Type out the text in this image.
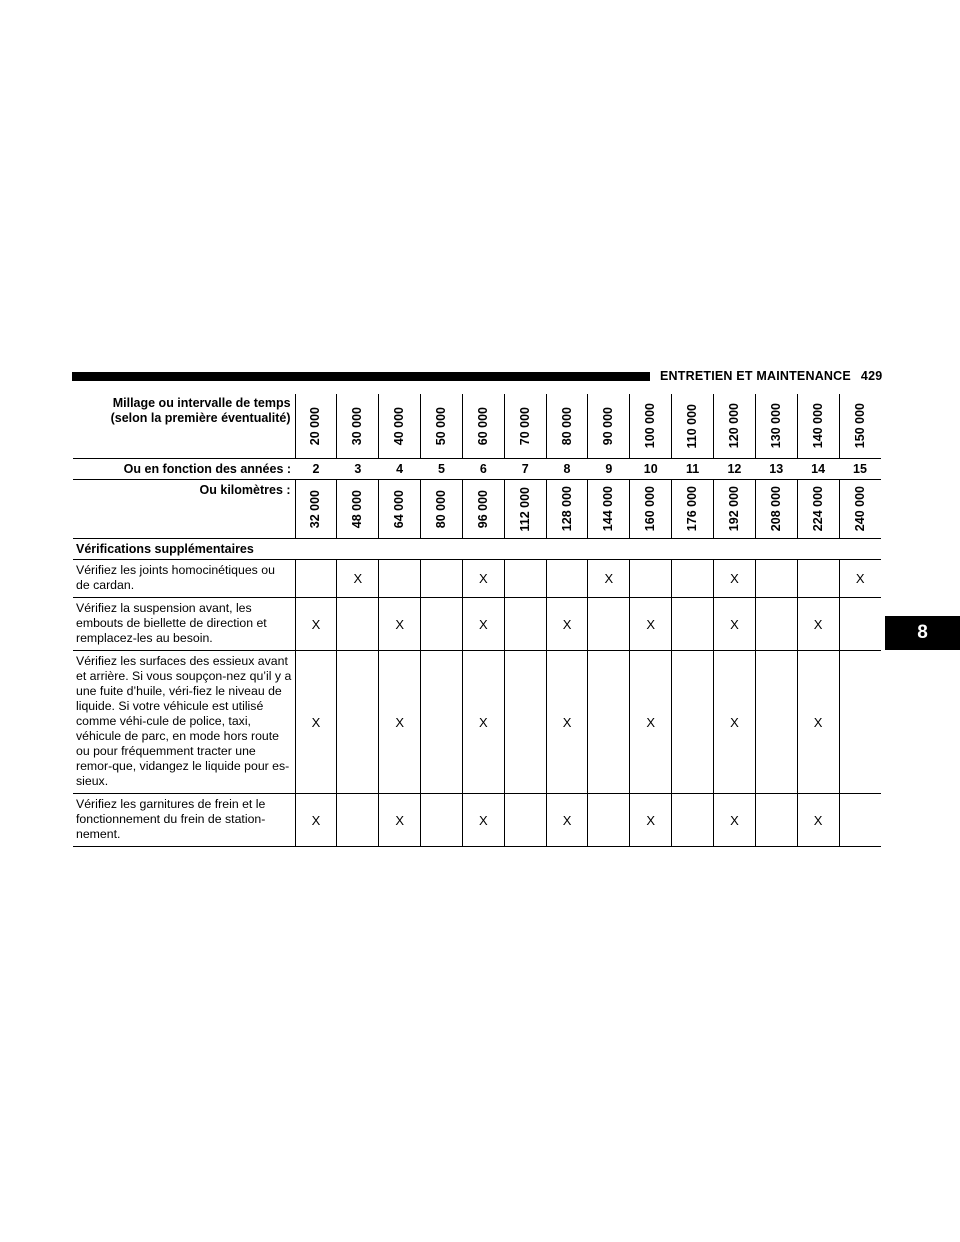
ENTRETIEN ET MAINTENANCE 429
8
Millage ou intervalle de temps (selon la première éventualité)	20 000	30 000	40 000	50 000	60 000	70 000	80 000	90 000	100 000	110 000	120 000	130 000	140 000	150 000

Ou en fonction des années :	2	3	4	5	6	7	8	9	10	11	12	13	14	15
Ou kilomètres :	32 000	48 000	64 000	80 000	96 000	112 000	128 000	144 000	160 000	176 000	192 000	208 000	224 000	240 000

Vérifications supplémentaires														
Vérifiez les joints homocinétiques ou de cardan.		X			X			X			X			X
Vérifiez la suspension avant, les embouts de biellette de direction et remplacez-les au besoin.	X		X		X		X		X		X		X	
Vérifiez les surfaces des essieux avant et arrière. Si vous soupçon-nez qu’il y a une fuite d’huile, véri-fiez le niveau de liquide. Si votre véhicule est utilisé comme véhi-cule de police, taxi, véhicule de parc, en mode hors route ou pour fréquemment tracter une remor-que, vidangez le liquide pour es-sieux.	X		X		X		X		X		X		X	
Vérifiez les garnitures de frein et le fonctionnement du frein de station-nement.	X		X		X		X		X		X		X	
